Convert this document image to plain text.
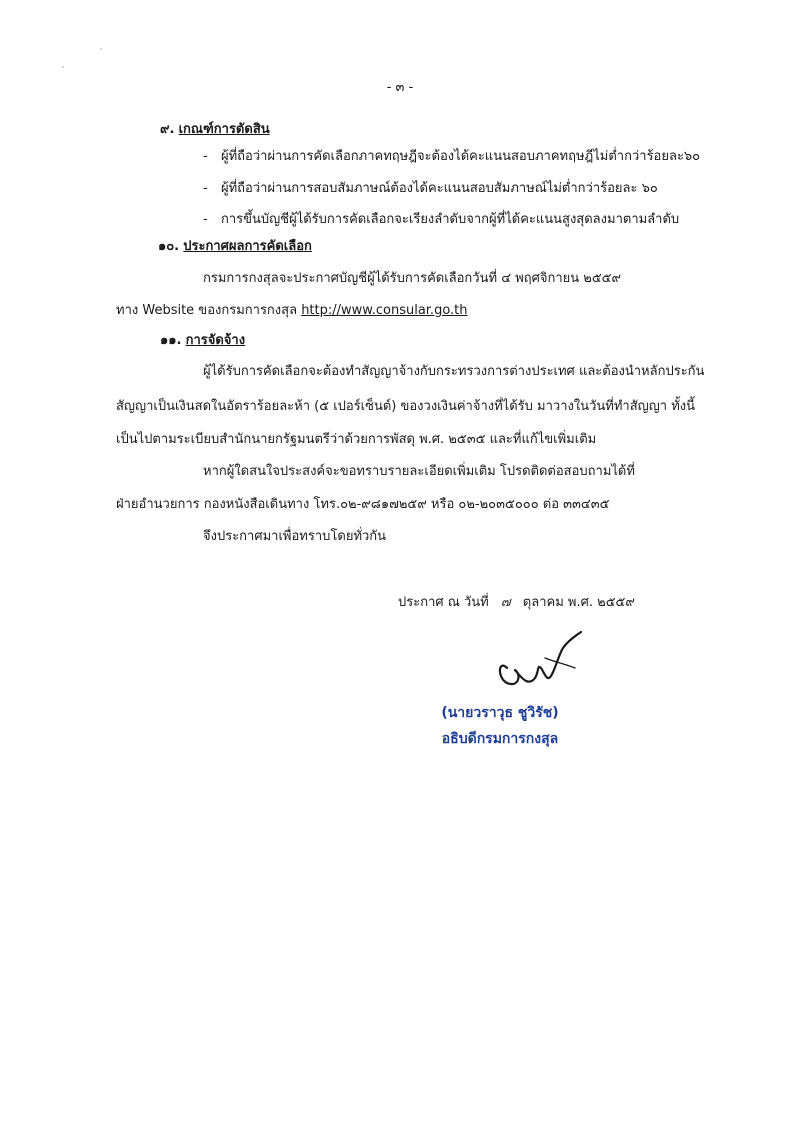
- ๓ -
๙. เกณฑ์การตัดสิน
- ผู้ที่ถือว่าผ่านการคัดเลือกภาคทฤษฎีจะต้องได้คะแนนสอบภาคทฤษฎีไม่ต่ำกว่าร้อยละ๖๐
- ผู้ที่ถือว่าผ่านการสอบสัมภาษณ์ต้องได้คะแนนสอบสัมภาษณ์ไม่ต่ำกว่าร้อยละ ๖๐
- การขึ้นบัญชีผู้ได้รับการคัดเลือกจะเรียงลำดับจากผู้ที่ได้คะแนนสูงสุดลงมาตามลำดับ
๑๐. ประกาศผลการคัดเลือก
กรมการกงสุลจะประกาศบัญชีผู้ได้รับการคัดเลือกวันที่ ๔ พฤศจิกายน ๒๕๕๙
ทาง Website ของกรมการกงสุล http://www.consular.go.th
๑๑. การจัดจ้าง
ผู้ได้รับการคัดเลือกจะต้องทำสัญญาจ้างกับกระทรวงการต่างประเทศ และต้องนำหลักประกัน
สัญญาเป็นเงินสดในอัตราร้อยละห้า (๕ เปอร์เซ็นต์) ของวงเงินค่าจ้างที่ได้รับ มาวางในวันที่ทำสัญญา ทั้งนี้
เป็นไปตามระเบียบสำนักนายกรัฐมนตรีว่าด้วยการพัสดุ พ.ศ. ๒๕๓๕ และที่แก้ไขเพิ่มเติม
หากผู้ใดสนใจประสงค์จะขอทราบรายละเอียดเพิ่มเติม โปรดติดต่อสอบถามได้ที่
ฝ่ายอำนวยการ กองหนังสือเดินทาง โทร.๐๒-๙๘๑๗๒๕๙ หรือ ๐๒-๒๐๓๕๐๐๐ ต่อ ๓๓๔๓๕
จึงประกาศมาเพื่อทราบโดยทั่วกัน
ประกาศ ณ วันที่ ๗ ตุลาคม พ.ศ. ๒๕๕๙
(นายวราวุธ ชูวิรัช)
อธิบดีกรมการกงสุล
